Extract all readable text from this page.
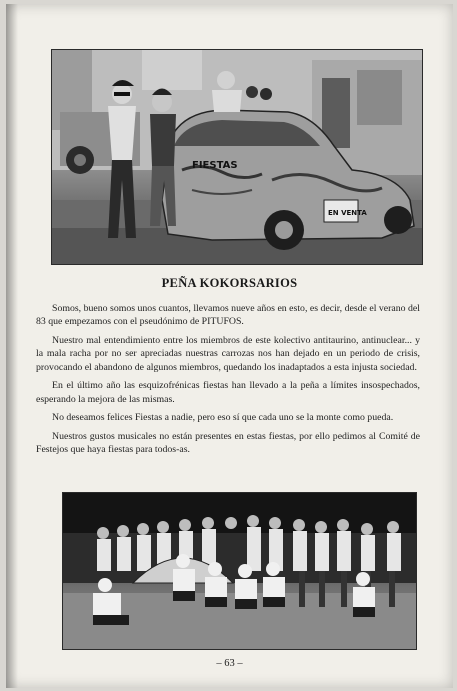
FIESTAS
EN VENTA
PEÑA KOKORSARIOS

Somos, bueno somos unos cuantos, llevamos nueve años en esto, es decir, desde el verano del 83 que empezamos con el pseudónimo de PITUFOS.

Nuestro mal entendimiento entre los miembros de este kolectivo antitaurino, antinuclear... y la mala racha por no ser apreciadas nuestras carrozas nos han dejado en un periodo de crisis, provocando el abandono de algunos miembros, quedando los inadaptados a esta injusta sociedad.

En el último año las esquizofrénicas fiestas han llevado a la peña a límites insospechados, esperando la mejora de las mismas.

No deseamos felices Fiestas a nadie, pero eso sí que cada uno se la monte como pueda.

Nuestros gustos musicales no están presentes en estas fiestas, por ello pedimos al Comité de Festejos que haya fiestas para todos-as.

– 63 –
